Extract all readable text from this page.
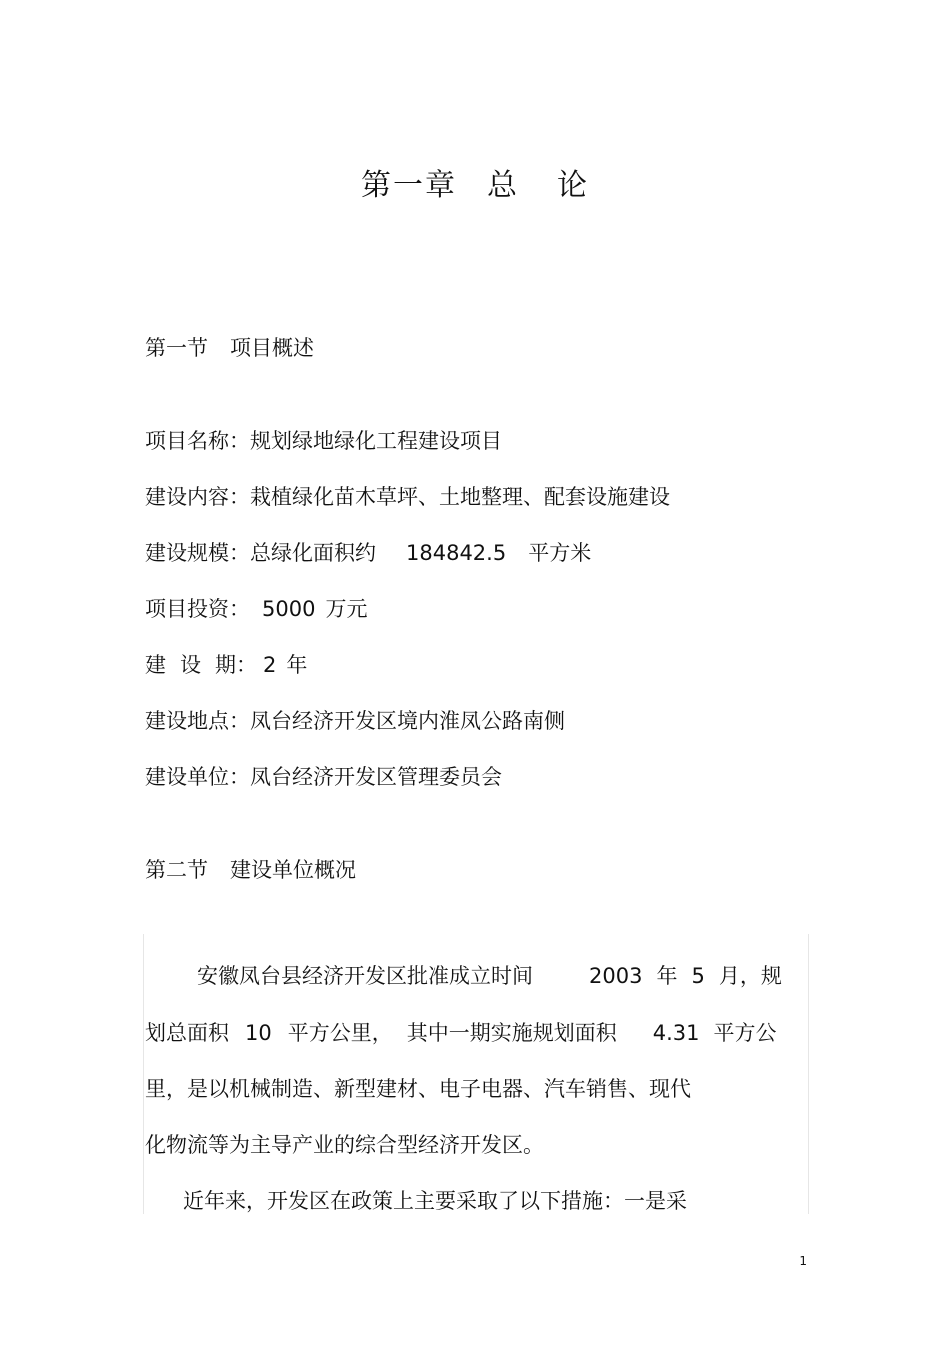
第一章 总 论
第一节 项目概述
项目名称：规划绿地绿化工程建设项目
建设内容：栽植绿化苗木草坪、土地整理、配套设施建设
建设规模：总绿化面积约 184842.5 平方米
项目投资： 5000 万元
建 设 期： 2 年
建设地点：凤台经济开发区境内淮凤公路南侧
建设单位：凤台经济开发区管理委员会
第二节 建设单位概况
安徽凤台县经济开发区批准成立时间	2003 年 5 月，规
划总面积 10 平方公里， 其中一期实施规划面积 4.31 平方公
里，是以机械制造、新型建材、电子电器、汽车销售、现代
化物流等为主导产业的综合型经济开发区。
近年来，开发区在政策上主要采取了以下措施：一是采
1
